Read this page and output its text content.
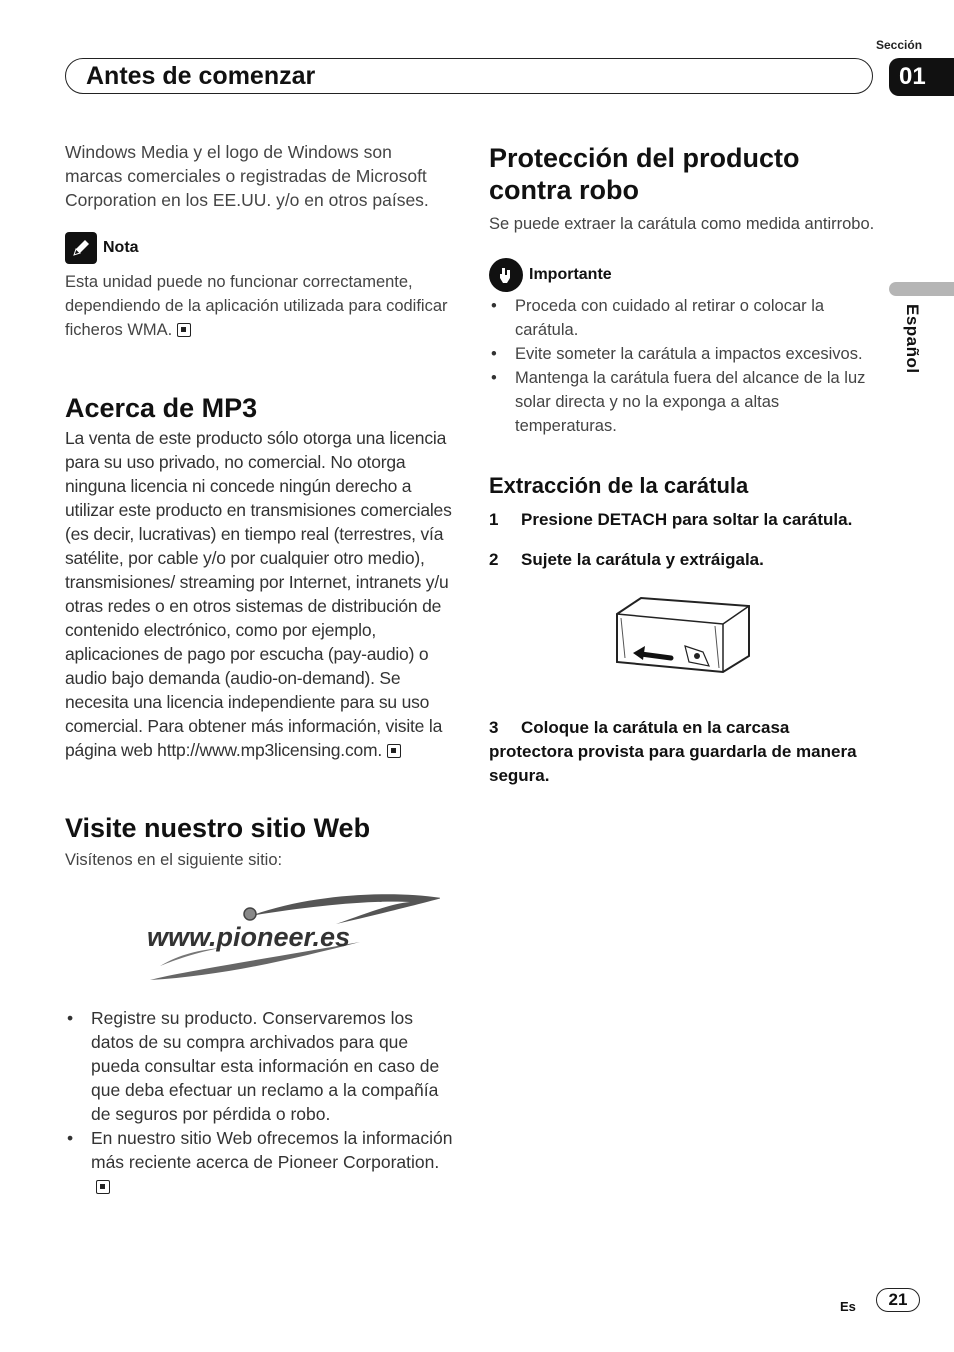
Sección
Antes de comenzar	01
Español

Windows Media y el logo de Windows son marcas comerciales o registradas de Microsoft Corporation en los EE.UU. y/o en otros países.

Nota

Esta unidad puede no funcionar correctamente, dependiendo de la aplicación utilizada para codificar ficheros WMA.

Acerca de MP3

La venta de este producto sólo otorga una licencia para su uso privado, no comercial. No otorga ninguna licencia ni concede ningún derecho a utilizar este producto en transmisiones comerciales (es decir, lucrativas) en tiempo real (terrestres, vía satélite, por cable y/o por cualquier otro medio), transmisiones/ streaming por Internet, intranets y/u otras redes o en otros sistemas de distribución de contenido electrónico, como por ejemplo, aplicaciones de pago por escucha (pay-audio) o audio bajo demanda (audio-on-demand). Se necesita una licencia independiente para su uso comercial. Para obtener más información, visite la página web http://www.mp3licensing.com.

Visite nuestro sitio Web

Visítenos en el siguiente sitio:

www.pioneer.es
• Registre su producto. Conservaremos los datos de su compra archivados para que pueda consultar esta información en caso de que deba efectuar un reclamo a la compañía de seguros por pérdida o robo.
• En nuestro sitio Web ofrecemos la información más reciente acerca de Pioneer Corporation.
Protección del producto contra robo

Se puede extraer la carátula como medida antirrobo.

Importante
• Proceda con cuidado al retirar o colocar la carátula.
• Evite someter la carátula a impactos excesivos.
• Mantenga la carátula fuera del alcance de la luz solar directa y no la exponga a altas temperaturas.
Extracción de la carátula

1 Presione DETACH para soltar la carátula.

2 Sujete la carátula y extráigala.

3 Coloque la carátula en la carcasa protectora provista para guardarla de manera segura.

Es	21
